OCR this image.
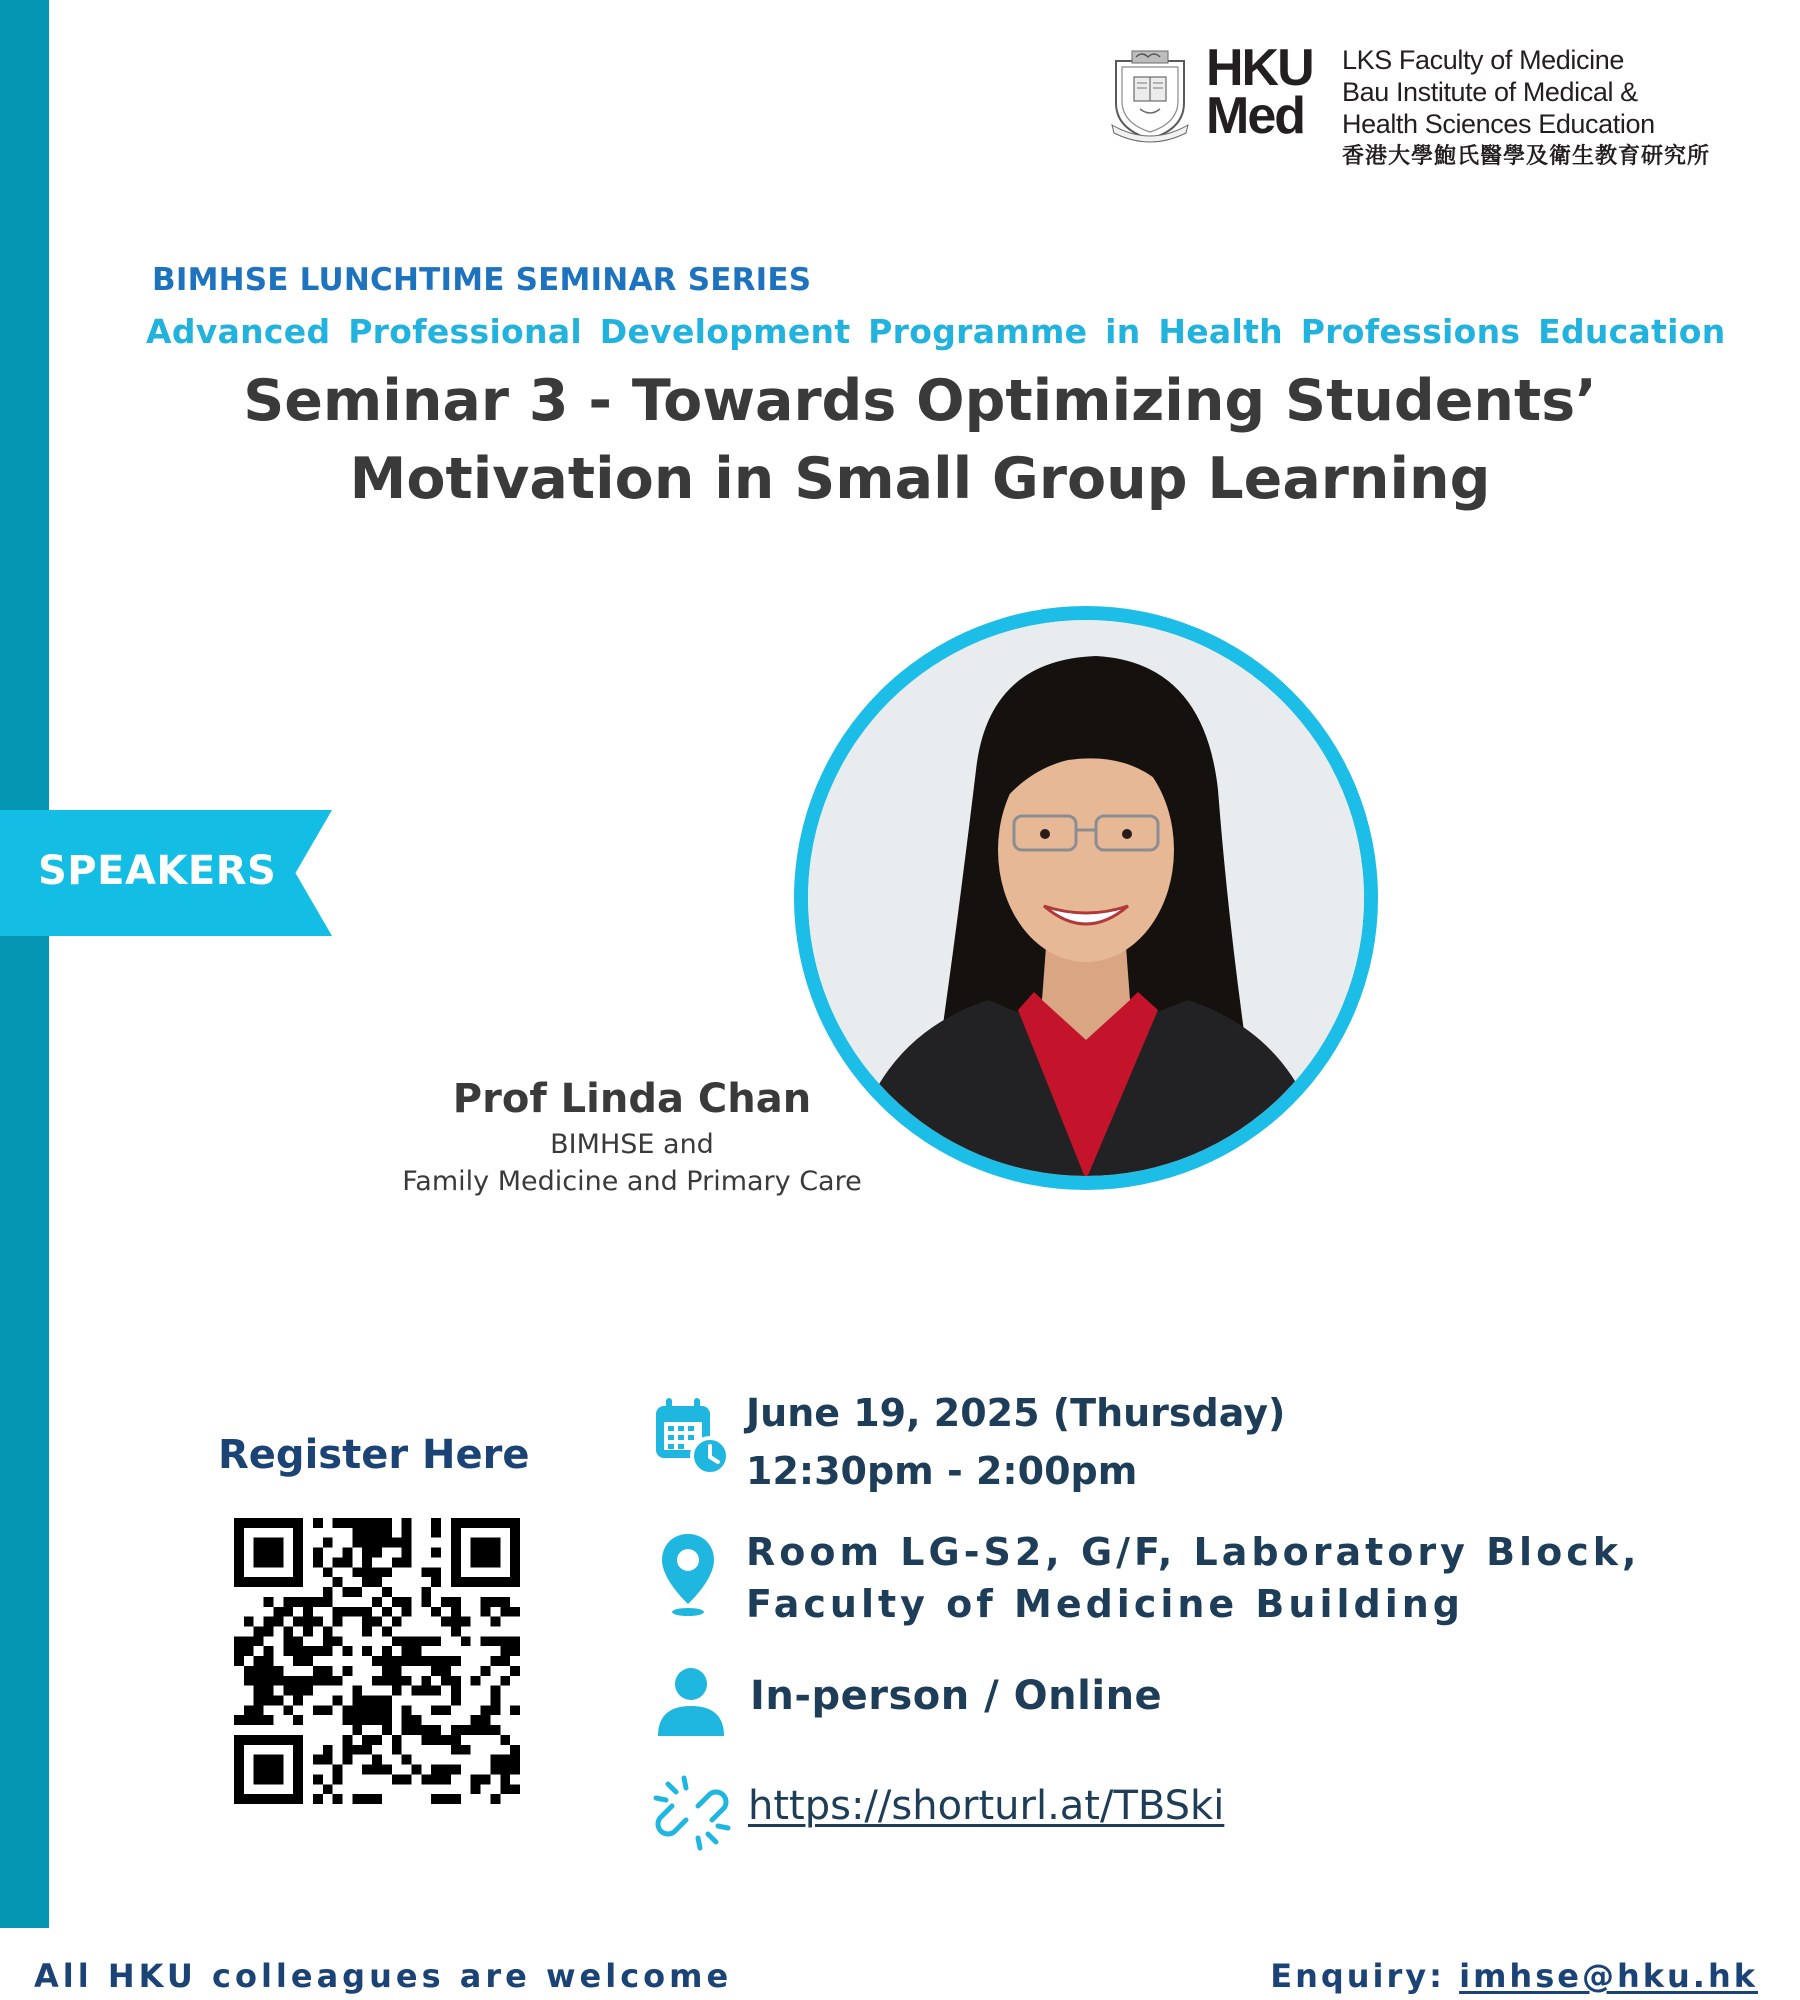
HKU
Med
LKS Faculty of Medicine
Bau Institute of Medical &
Health Sciences Education
香港大學鮑氏醫學及衛生教育研究所
BIMHSE LUNCHTIME SEMINAR SERIES
Advanced Professional Development Programme in Health Professions Education
Seminar 3 - Towards Optimizing Students’
Motivation in Small Group Learning
SPEAKERS
Prof Linda Chan
BIMHSE and
Family Medicine and Primary Care
Register Here
June 19, 2025 (Thursday)
12:30pm - 2:00pm
Room LG-S2, G/F, Laboratory Block,
Faculty of Medicine Building
In-person / Online
https://shorturl.at/TBSki
All HKU colleagues are welcome	Enquiry: imhse@hku.hk
